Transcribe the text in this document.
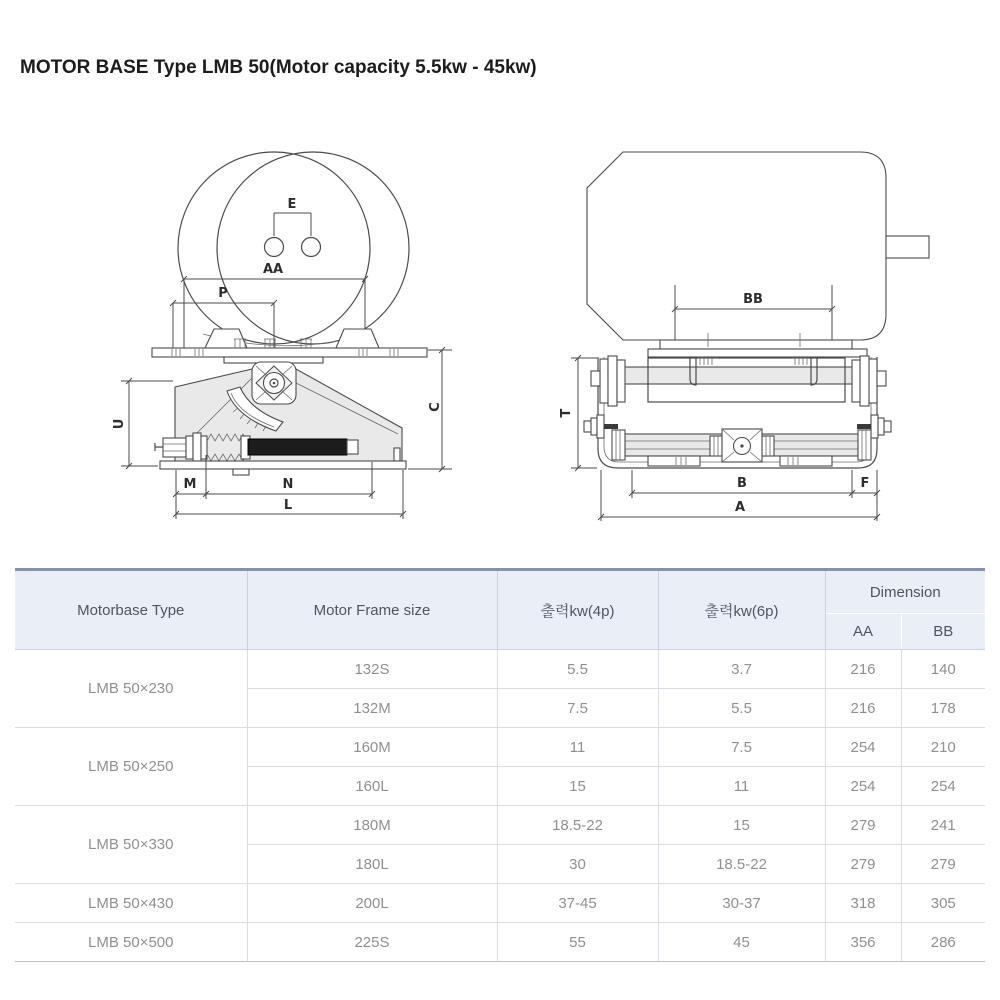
MOTOR BASE Type LMB 50(Motor capacity 5.5kw - 45kw)
E
AA
P
U
C
M	N
L
BB
T
B	F
A
Motorbase Type	Motor Frame size	출력kw(4p)	출력kw(6p)	Dimension	
				AA	BB
LMB 50×230	132S	5.5	3.7	216	140
	132M	7.5	5.5	216	178
LMB 50×250	160M	11	7.5	254	210
	160L	15	11	254	254
LMB 50×330	180M	18.5-22	15	279	241
	180L	30	18.5-22	279	279
LMB 50×430	200L	37-45	30-37	318	305
LMB 50×500	225S	55	45	356	286
